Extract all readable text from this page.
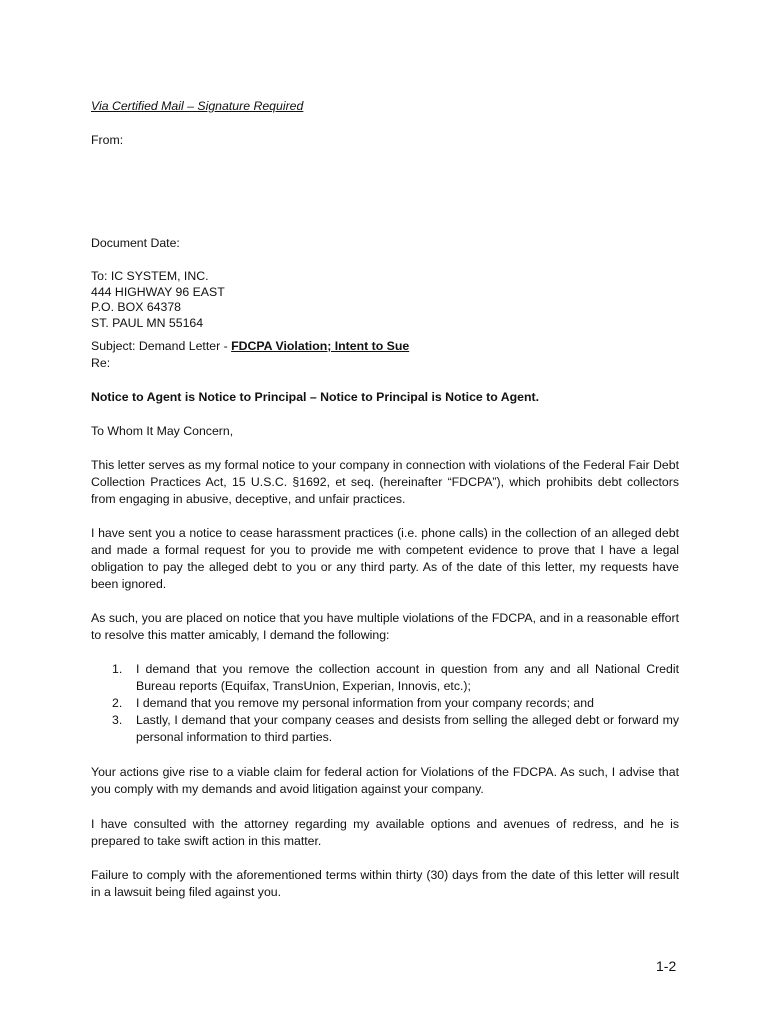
Via Certified Mail – Signature Required

From:

Document Date:

To: IC SYSTEM, INC.
444 HIGHWAY 96 EAST
P.O. BOX 64378
ST. PAUL MN 55164

Subject: Demand Letter - FDCPA Violation; Intent to Sue

Re:

Notice to Agent is Notice to Principal – Notice to Principal is Notice to Agent.

To Whom It May Concern,

This letter serves as my formal notice to your company in connection with violations of the Federal Fair Debt Collection Practices Act, 15 U.S.C. §1692, et seq. (hereinafter “FDCPA”), which prohibits debt collectors from engaging in abusive, deceptive, and unfair practices.

I have sent you a notice to cease harassment practices (i.e. phone calls) in the collection of an alleged debt and made a formal request for you to provide me with competent evidence to prove that I have a legal obligation to pay the alleged debt to you or any third party. As of the date of this letter, my requests have been ignored.

As such, you are placed on notice that you have multiple violations of the FDCPA, and in a reasonable effort to resolve this matter amicably, I demand the following:

1. I demand that you remove the collection account in question from any and all National Credit Bureau reports (Equifax, TransUnion, Experian, Innovis, etc.);
2. I demand that you remove my personal information from your company records; and
3. Lastly, I demand that your company ceases and desists from selling the alleged debt or forward my personal information to third parties.

Your actions give rise to a viable claim for federal action for Violations of the FDCPA. As such, I advise that you comply with my demands and avoid litigation against your company.

I have consulted with the attorney regarding my available options and avenues of redress, and he is prepared to take swift action in this matter.

Failure to comply with the aforementioned terms within thirty (30) days from the date of this letter will result in a lawsuit being filed against you.

1-2
